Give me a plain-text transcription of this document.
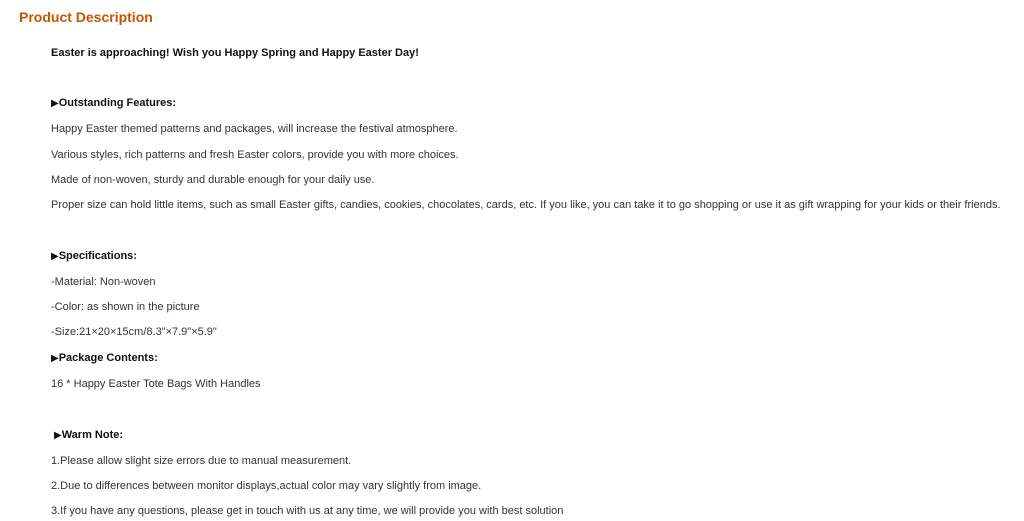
Product Description
Easter is approaching! Wish you Happy Spring and Happy Easter Day!
▶Outstanding Features:
Happy Easter themed patterns and packages, will increase the festival atmosphere.
Various styles, rich patterns and fresh Easter colors, provide you with more choices.
Made of non-woven, sturdy and durable enough for your daily use.
Proper size can hold little items, such as small Easter gifts, candies, cookies, chocolates, cards, etc. If you like, you can take it to go shopping or use it as gift wrapping for your kids or their friends.
▶Specifications:
-Material: Non-woven
-Color: as shown in the picture
-Size:21×20×15cm/8.3"×7.9"×5.9"
▶Package Contents:
16 * Happy Easter Tote Bags With Handles
▶Warm Note:
1.Please allow slight size errors due to manual measurement.
2.Due to differences between monitor displays,actual color may vary slightly from image.
3.If you have any questions, please get in touch with us at any time, we will provide you with best solution
